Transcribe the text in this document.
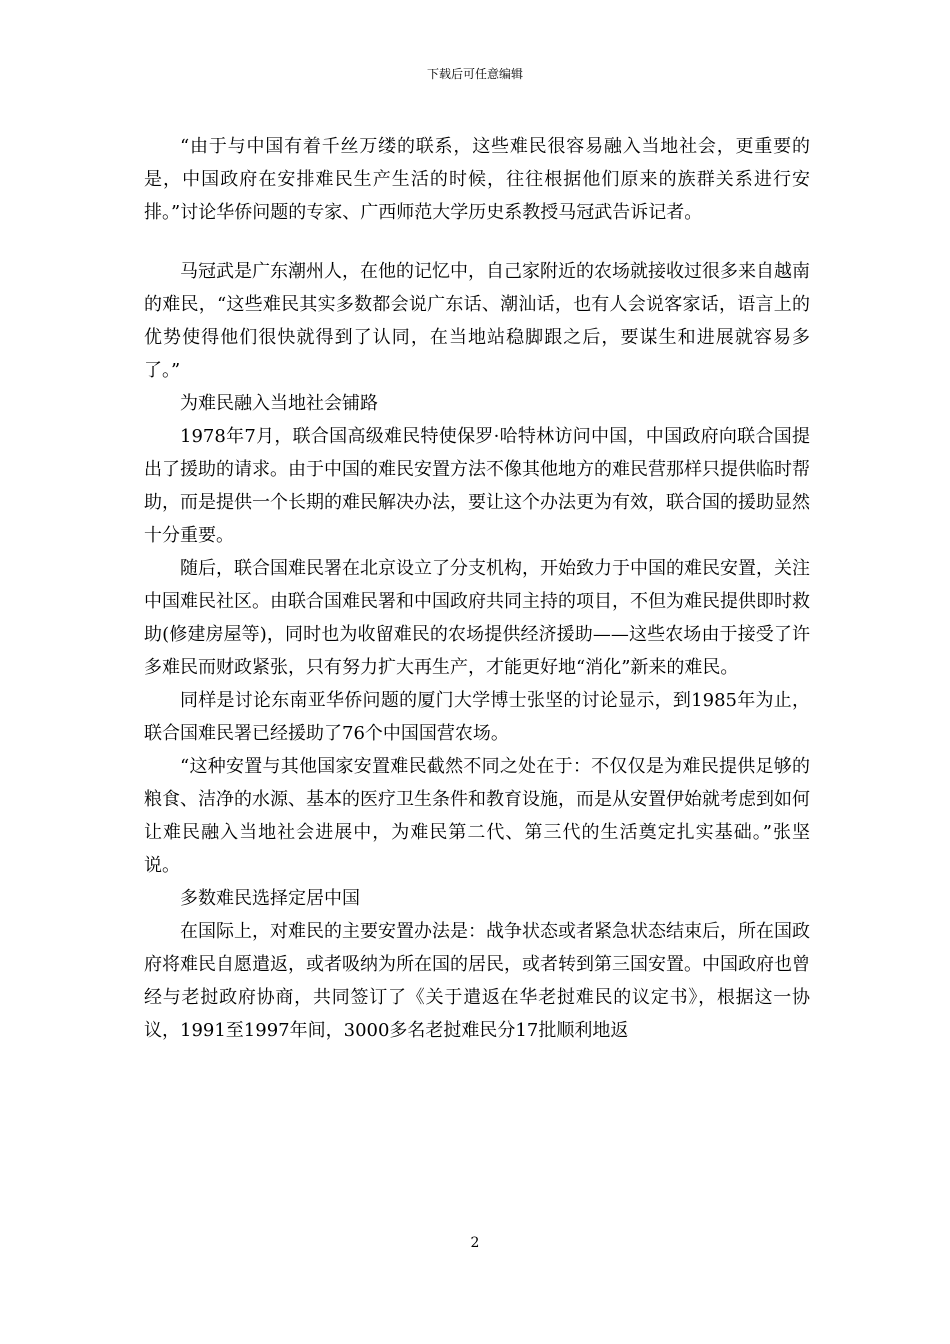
下载后可任意编辑

“由于与中国有着千丝万缕的联系，这些难民很容易融入当地社会，更重要的是，中国政府在安排难民生产生活的时候，往往根据他们原来的族群关系进行安排。”讨论华侨问题的专家、广西师范大学历史系教授马冠武告诉记者。

马冠武是广东潮州人，在他的记忆中，自己家附近的农场就接收过很多来自越南的难民，“这些难民其实多数都会说广东话、潮汕话，也有人会说客家话，语言上的优势使得他们很快就得到了认同，在当地站稳脚跟之后，要谋生和进展就容易多了。”

为难民融入当地社会铺路

1978年7月，联合国高级难民特使保罗·哈特林访问中国，中国政府向联合国提出了援助的请求。由于中国的难民安置方法不像其他地方的难民营那样只提供临时帮助，而是提供一个长期的难民解决办法，要让这个办法更为有效，联合国的援助显然十分重要。

随后，联合国难民署在北京设立了分支机构，开始致力于中国的难民安置，关注中国难民社区。由联合国难民署和中国政府共同主持的项目，不但为难民提供即时救助(修建房屋等)，同时也为收留难民的农场提供经济援助——这些农场由于接受了许多难民而财政紧张，只有努力扩大再生产，才能更好地“消化”新来的难民。

同样是讨论东南亚华侨问题的厦门大学博士张坚的讨论显示，到1985年为止，联合国难民署已经援助了76个中国国营农场。

“这种安置与其他国家安置难民截然不同之处在于：不仅仅是为难民提供足够的粮食、洁净的水源、基本的医疗卫生条件和教育设施，而是从安置伊始就考虑到如何让难民融入当地社会进展中，为难民第二代、第三代的生活奠定扎实基础。”张坚说。

多数难民选择定居中国

在国际上，对难民的主要安置办法是：战争状态或者紧急状态结束后，所在国政府将难民自愿遣返，或者吸纳为所在国的居民，或者转到第三国安置。中国政府也曾经与老挝政府协商，共同签订了《关于遣返在华老挝难民的议定书》，根据这一协议，1991至1997年间，3000多名老挝难民分17批顺利地返

2
